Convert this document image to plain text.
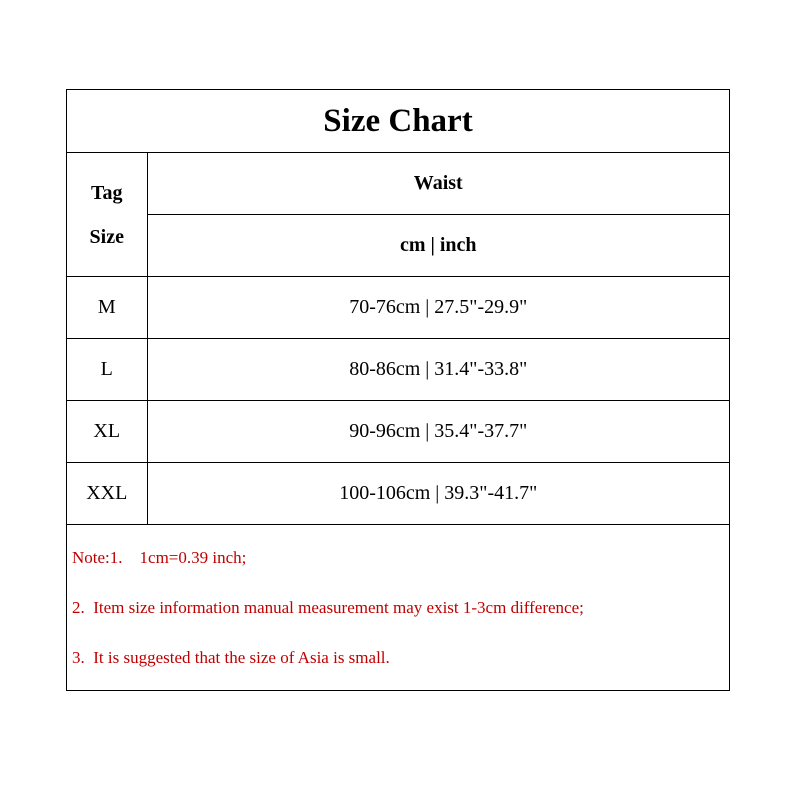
Size Chart
Tag
Size	Waist
	cm | inch
M	70-76cm | 27.5"-29.9"
L	80-86cm | 31.4"-33.8"
XL	90-96cm | 35.4"-37.7"
XXL	100-106cm | 39.3"-41.7"
Note:1.    1cm=0.39 inch;
2.  Item size information manual measurement may exist 1-3cm difference;
3.  It is suggested that the size of Asia is small.
